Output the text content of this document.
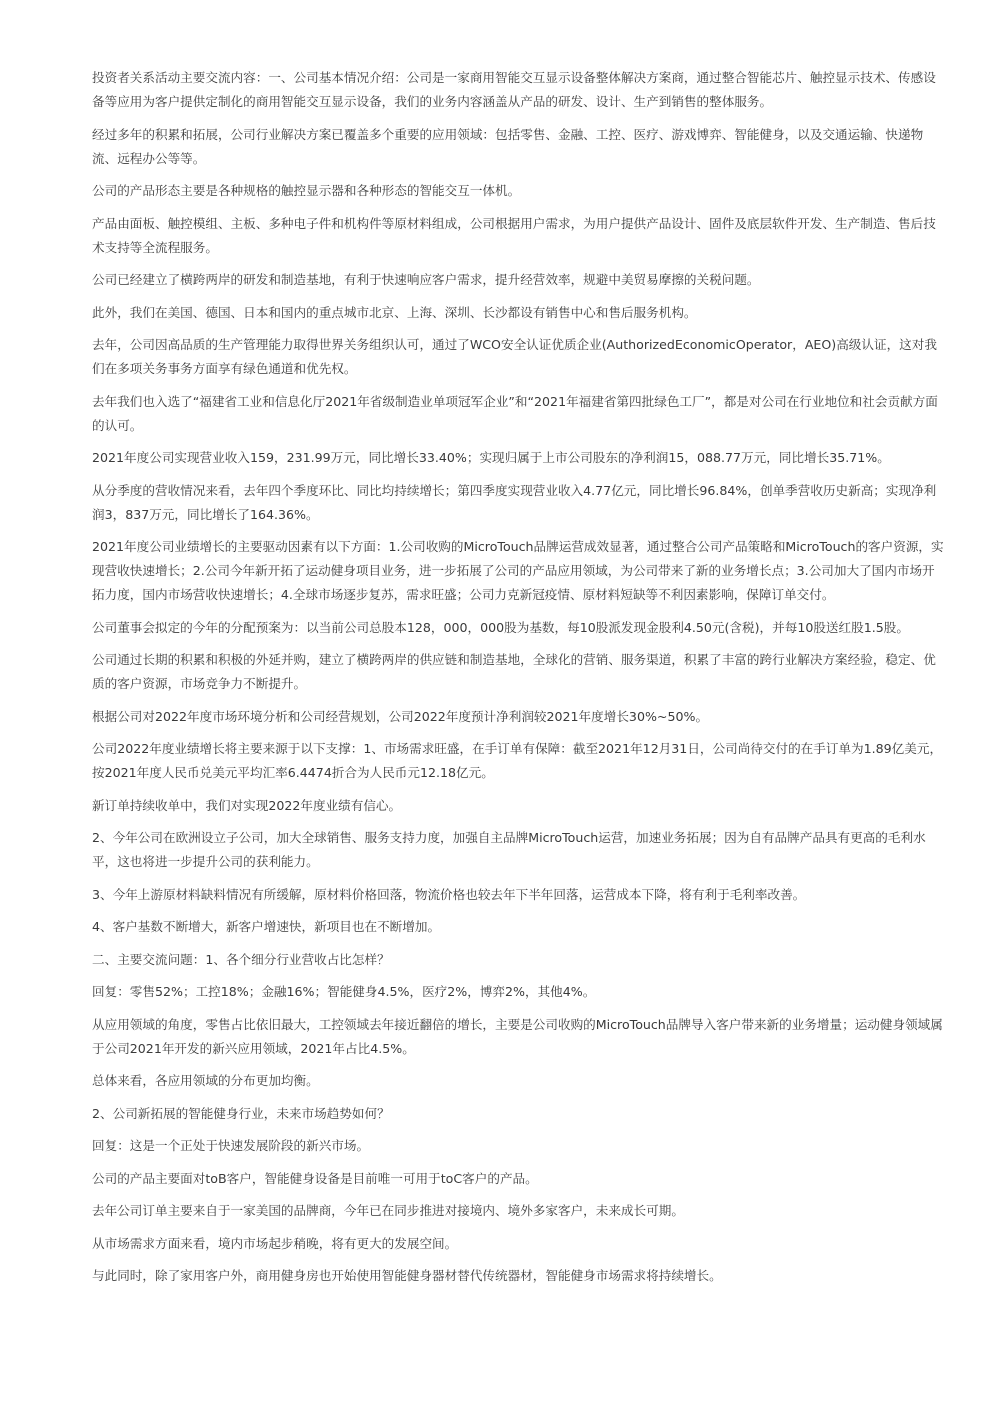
投资者关系活动主要交流内容：一、公司基本情况介绍：公司是一家商用智能交互显示设备整体解决方案商，通过整合智能芯片、触控显示技术、传感设备等应用为客户提供定制化的商用智能交互显示设备，我们的业务内容涵盖从产品的研发、设计、生产到销售的整体服务。

经过多年的积累和拓展，公司行业解决方案已覆盖多个重要的应用领域：包括零售、金融、工控、医疗、游戏博弈、智能健身，以及交通运输、快递物流、远程办公等等。

公司的产品形态主要是各种规格的触控显示器和各种形态的智能交互一体机。

产品由面板、触控模组、主板、多种电子件和机构件等原材料组成，公司根据用户需求，为用户提供产品设计、固件及底层软件开发、生产制造、售后技术支持等全流程服务。

公司已经建立了横跨两岸的研发和制造基地，有利于快速响应客户需求，提升经营效率，规避中美贸易摩擦的关税问题。

此外，我们在美国、德国、日本和国内的重点城市北京、上海、深圳、长沙都设有销售中心和售后服务机构。

去年，公司因高品质的生产管理能力取得世界关务组织认可，通过了WCO安全认证优质企业(AuthorizedEconomicOperator，AEO)高级认证，这对我们在多项关务事务方面享有绿色通道和优先权。

去年我们也入选了“福建省工业和信息化厅2021年省级制造业单项冠军企业”和“2021年福建省第四批绿色工厂”，都是对公司在行业地位和社会贡献方面的认可。

2021年度公司实现营业收入159，231.99万元，同比增长33.40%；实现归属于上市公司股东的净利润15，088.77万元，同比增长35.71%。

从分季度的营收情况来看，去年四个季度环比、同比均持续增长；第四季度实现营业收入4.77亿元，同比增长96.84%，创单季营收历史新高；实现净利润3，837万元，同比增长了164.36%。

2021年度公司业绩增长的主要驱动因素有以下方面：1.公司收购的MicroTouch品牌运营成效显著，通过整合公司产品策略和MicroTouch的客户资源，实现营收快速增长；2.公司今年新开拓了运动健身项目业务，进一步拓展了公司的产品应用领域，为公司带来了新的业务增长点；3.公司加大了国内市场开拓力度，国内市场营收快速增长；4.全球市场逐步复苏，需求旺盛；公司力克新冠疫情、原材料短缺等不利因素影响，保障订单交付。

公司董事会拟定的今年的分配预案为：以当前公司总股本128，000，000股为基数，每10股派发现金股利4.50元(含税)，并每10股送红股1.5股。

公司通过长期的积累和积极的外延并购，建立了横跨两岸的供应链和制造基地，全球化的营销、服务渠道，积累了丰富的跨行业解决方案经验，稳定、优质的客户资源，市场竞争力不断提升。

根据公司对2022年度市场环境分析和公司经营规划，公司2022年度预计净利润较2021年度增长30%~50%。

公司2022年度业绩增长将主要来源于以下支撑：1、市场需求旺盛，在手订单有保障：截至2021年12月31日，公司尚待交付的在手订单为1.89亿美元，按2021年度人民币兑美元平均汇率6.4474折合为人民币元12.18亿元。

新订单持续收单中，我们对实现2022年度业绩有信心。

2、今年公司在欧洲设立子公司，加大全球销售、服务支持力度，加强自主品牌MicroTouch运营，加速业务拓展；因为自有品牌产品具有更高的毛利水平，这也将进一步提升公司的获利能力。

3、今年上游原材料缺料情况有所缓解，原材料价格回落，物流价格也较去年下半年回落，运营成本下降，将有利于毛利率改善。

4、客户基数不断增大，新客户增速快，新项目也在不断增加。

二、主要交流问题：1、各个细分行业营收占比怎样？

回复：零售52%；工控18%；金融16%；智能健身4.5%，医疗2%，博弈2%，其他4%。

从应用领域的角度，零售占比依旧最大，工控领域去年接近翻倍的增长，主要是公司收购的MicroTouch品牌导入客户带来新的业务增量；运动健身领域属于公司2021年开发的新兴应用领域，2021年占比4.5%。

总体来看，各应用领域的分布更加均衡。

2、公司新拓展的智能健身行业，未来市场趋势如何？

回复：这是一个正处于快速发展阶段的新兴市场。

公司的产品主要面对toB客户，智能健身设备是目前唯一可用于toC客户的产品。

去年公司订单主要来自于一家美国的品牌商，今年已在同步推进对接境内、境外多家客户，未来成长可期。

从市场需求方面来看，境内市场起步稍晚，将有更大的发展空间。

与此同时，除了家用客户外，商用健身房也开始使用智能健身器材替代传统器材，智能健身市场需求将持续增长。
